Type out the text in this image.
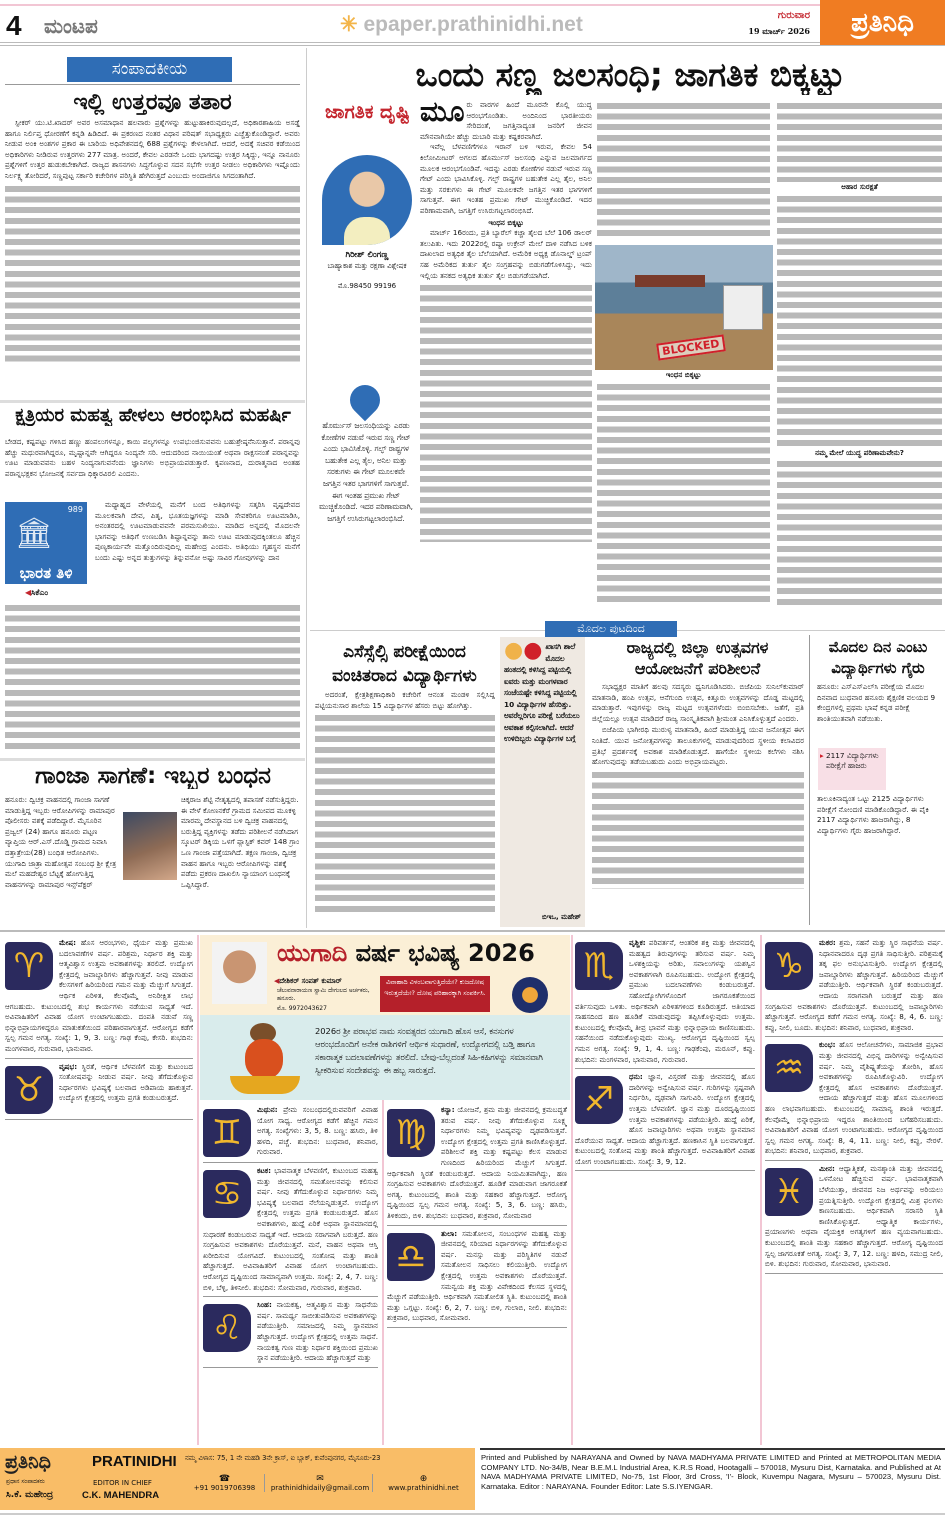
4 ಮಂಟಪ	✳ epaper.prathinidhi.net	ಗುರುವಾರ
19 ಮಾರ್ಚ್ 2026	ಪ್ರತಿನಿಧಿ
ಸಂಪಾದಕೀಯ
ಇಲ್ಲಿ ಉತ್ತರವೂ ತತಾರ

ಸ್ಪೀಕರ್ ಯು.ಟಿ.ಖಾದರ್ ಅವರ ಅಸಮಾಧಾನ ಹಲವಾರು ಪ್ರಶ್ನೆಗಳನ್ನು ಹುಟ್ಟುಹಾಕಿರುವುದಲ್ಲದೆ, ಅಧಿಕಾರಶಾಹಿಯ ಅಸಡ್ಡೆ ಹಾಗೂ ನಿರ್ಲಿಪ್ತ ಧೋರಣೆಗೆ ಕನ್ನಡಿ ಹಿಡಿದಿದೆ. ಈ ಪ್ರಕರಣದ ನಂತರ ವಿಧಾನ ಪರಿಷತ್ ಸಭಾಧ್ಯಕ್ಷರು ಎಚ್ಚೆತ್ತುಕೊಂಡಿದ್ದಾರೆ. ಅವರು ನೀಡುವ ಅಂಕಿ ಅಂಶಗಳ ಪ್ರಕಾರ ಈ ಬಾರಿಯ ಅಧಿವೇಶನದಲ್ಲಿ 688 ಪ್ರಶ್ನೆಗಳನ್ನು ಕೇಳಲಾಗಿದೆ. ಆದರೆ, ಅದಕ್ಕೆ ಸಚಿವರ ಕಡೆಯಿಂದ ಅಧಿಕಾರಿಗಳು ನೀಡಿರುವ ಉತ್ತರಗಳು 277 ಮಾತ್ರ. ಅಂದರೆ, ಕೇವಲ ಎರಡನೇ ಒಂದು ಭಾಗದಷ್ಟು ಉತ್ತರ ಸಿಕ್ಕಿದ್ದು, ಇನ್ನೂ ನಾನೂರು ಪ್ರಶ್ನೆಗಳಿಗೆ ಉತ್ತರ ಹುಡುಕಬೇಕಾಗಿದೆ. ರಾಜ್ಯದ ಶಾಸನಗಳು ಸಿದ್ಧಗೊಳ್ಳುವ ಸದನ ಸಭೆಗೇ ಉತ್ತರ ನೀಡಲು ಅಧಿಕಾರಿಗಳು ಇಷ್ಟೊಂದು ನಿರ್ಲಕ್ಷ್ಯ ತೋರಿದರೆ, ಸಣ್ಣಪುಟ್ಟ ಸರ್ಕಾರಿ ಕಚೇರಿಗಳ ಪರಿಸ್ಥಿತಿ ಹೇಗಿರುತ್ತದೆ ಎಂಬುದು ಅಂದಾಜಿಗೂ ಸಿಗದಂತಾಗಿದೆ.

ಕ್ಷತ್ರಿಯರ ಮಹತ್ವ ಹೇಳಲು ಆರಂಭಿಸಿದ ಮಹರ್ಷಿ
ಬೇಡದ, ಕಷ್ಟಪಟ್ಟು ಗಳಿಸಿದ ಹಣ್ಣು ಹಂಪಲುಗಳನ್ನೂ, ಕಾಯಿ ಪಲ್ಯಗಳನ್ನೂ ಉಪಭುಂಜಿಸುವವನು ಬಹುಶ್ರೇಷ್ಠನೆನಿಸುತ್ತಾನೆ. ಪರಾನ್ನವು ಹೆಚ್ಚು ಮಧುರವಾಗಿದ್ದರೂ, ಮೃಷ್ಟಾನ್ನವೇ ಆಗಿದ್ದರೂ ನಿಂದ್ಯವೇ ಸರಿ. ಆದುದರಿಂದ ನಾಯಿಯಂತೆ ಅಥವಾ ರಾಕ್ಷಸನಂತೆ ಪರಾನ್ನವನ್ನು ಊಟ ಮಾಡುವವನು ಬಹಳ ನಿಂದ್ಯನಾಗುವನೆಂದು ಜ್ಞಾನಿಗಳು ಅಭಿಪ್ರಾಯಪಡುತ್ತಾರೆ. ಕೃಪಣನಾದ, ದುರಾತ್ಮನಾದ ಅಂತಹ ಪರಾನ್ನಭಕ್ಷಕನ ಭೋಜನಕ್ಕೆ ಸರ್ವದಾ ಧಿಕ್ಕಾರವಿರಲಿ ಎಂದನು.
989
🏛
ಭಾರತ ತಿಳಿ
◀ಸಿಕೆಎಂ

ಮಧ್ಯಾಹ್ನದ ವೇಳೆಯಲ್ಲಿ ಮನೆಗೆ ಬಂದ ಅತಿಥಿಗಳನ್ನು ಸತ್ಕರಿಸಿ ವೃಷ್ಟದೇವದ ಮೂಲಕವಾಗಿ ದೇವ, ಪಿತೃ, ಭೂತಯಜ್ಞಗಳನ್ನು ಮಾಡಿ ಸೇವಕರಿಗೂ ಊಟಮಾಡಿಸಿ, ಅನಂತರದಲ್ಲಿ ಊಟಮಾಡುವವನೇ ಪರಮಸುಖಿಯು. ಮಾಡಿದ ಅನ್ನದಲ್ಲಿ ಮೊದಲನೇ ಭಾಗವನ್ನು ಅತಿಥಿಗೆ ಉಣಬಡಿಸಿ ಶಿಷ್ಟಾನ್ನವನ್ನು ತಾನು ಊಟ ಮಾಡುವುದಕ್ಕಿಂತಲೂ ಹೆಚ್ಚಿನ ಪುಣ್ಯಕಾರ್ಯವೇ ಮತ್ತೊಂದಿರುವುದಿಲ್ಲ ಮಹೇಂದ್ರ ಎಂದನು. ಅತಿಥಿಯು ಗೃಹಸ್ಥನ ಮನೆಗೆ ಬಂದು ಎಷ್ಟು ಅನ್ನದ ತುತ್ತುಗಳನ್ನು ತಿನ್ನುವನೋ ಅಷ್ಟು ಸಾವಿರ ಗೋವುಗಳನ್ನು ದಾನ

ಗಾಂಜಾ ಸಾಗಣೆ: ಇಬ್ಬರ ಬಂಧನ
ಹನೂರು: ದ್ವಿಚಕ್ರ ವಾಹನದಲ್ಲಿ ಗಾಂಜಾ ಸಾಗಣೆ ಮಾಡುತ್ತಿದ್ದ ಇಬ್ಬರು ಆರೋಪಿಗಳನ್ನು ರಾಮಾಪುರ ಪೊಲೀಸರು ವಶಕ್ಕೆ ಪಡೆದಿದ್ದಾರೆ. ಮೈಸೂರಿನ ಪ್ರಜ್ವಲ್ (24) ಹಾಗೂ ಹನೂರು ಪಟ್ಟಣ ವ್ಯಾಪ್ತಿಯ ಆರ್.ಎಸ್.ದೊಡ್ಡಿ ಗ್ರಾಮದ ನಿವಾಸಿ ದತ್ತಾತ್ರೇಯ(28) ಬಂಧಿತ ಆರೋಪಿಗಳು. ಯುಗಾದಿ ಜಾತ್ರಾ ಮಹೋತ್ಸವ ಸಂಬಂಧ ಶ್ರೀ ಕ್ಷೇತ್ರ ಮಲೆ ಮಹದೇಶ್ವರ ಬೆಟ್ಟಕ್ಕೆ ಹೋಗುತ್ತಿದ್ದ ವಾಹನಗಳನ್ನು ರಾಮಾಪುರ ಇನ್ಸ್‌ಪೆಕ್ಟರ್
ಚಿಕ್ಕರಾಜ ಶೆಟ್ಟಿ ನೇತೃತ್ವದಲ್ಲಿ ತಪಾಸಣೆ ನಡೆಸುತ್ತಿದ್ದರು. ಈ ವೇಳೆ ಕೋಣನಕೆರೆ ಗ್ರಾಮದ ಸಮೀಪದ ಮೂಕಳ್ಳಿ ಮಾರಮ್ಮ ದೇವಸ್ಥಾನದ ಬಳಿ ದ್ವಿಚಕ್ರ ವಾಹನದಲ್ಲಿ ಬರುತ್ತಿದ್ದ ವ್ಯಕ್ತಿಗಳನ್ನು ತಡೆದು ಪರಿಶೀಲನೆ ನಡೆಸಿದಾಗ ಸ್ಕೂಟರ್ ಡಿಕ್ಕಿಯ ಒಳಗೆ ಪ್ಲಾಸ್ಟಿಕ್ ಕವರ್ 148 ಗ್ರಾಂ ಒಣ ಗಾಂಜಾ ಪತ್ತೆಯಾಗಿದೆ. ತಕ್ಷಣ ಗಾಂಜಾ, ದ್ವಿಚಕ್ರ ವಾಹನ ಹಾಗೂ ಇಬ್ಬರು ಆರೋಪಿಗಳನ್ನು ವಶಕ್ಕೆ ಪಡೆದು ಪ್ರಕರಣ ದಾಖಲಿಸಿ ನ್ಯಾಯಾಂಗ ಬಂಧನಕ್ಕೆ ಒಪ್ಪಿಸಿದ್ದಾರೆ.
ಒಂದು ಸಣ್ಣ ಜಲಸಂಧಿ; ಜಾಗತಿಕ ಬಿಕ್ಕಟ್ಟು
ಜಾಗತಿಕ ದೃಷ್ಟಿ
ಗಿರೀಶ್ ಲಿಂಗಣ್ಣ
ಬಾಹ್ಯಾಕಾಶ ಮತ್ತು ರಕ್ಷಣಾ ವಿಶ್ಲೇಷಕ
ಮೊ.98450 99196
ಹೊರ್ಮುಸ್ ಜಲಸಂಧಿಯನ್ನು ಎರಡು ಕೋಣೆಗಳ ನಡುವೆ ಇರುವ ಸಣ್ಣ ಗೇಟ್ ಎಂದು ಭಾವಿಸಿಕೊಳ್ಳಿ. ಗಲ್ಫ್ ರಾಷ್ಟ್ರಗಳ ಬಹುತೇಕ ಎಲ್ಲ ತೈಲ, ಅನಿಲ ಮತ್ತು ಸರಕುಗಳು ಈ ಗೇಟ್ ಮೂಲಕವೇ ಜಗತ್ತಿನ ಇತರ ಭಾಗಗಳಿಗೆ ಸಾಗುತ್ತವೆ. ಈಗ ಇಂತಹ ಪ್ರಮುಖ ಗೇಟ್ ಮುಚ್ಚಿಕೊಂಡಿದೆ. ಇದರ ಪರಿಣಾಮವಾಗಿ, ಜಗತ್ತಿಗೆ ಉಸಿರುಗಟ್ಟಲಾರಂಭಿಸಿದೆ.
ಮೂ ರು ವಾರಗಳ ಹಿಂದೆ ಮೂರನೇ ಕೊಲ್ಲಿ ಯುದ್ಧ ಆರಂಭಗೊಂಡಿತು. ಅಂದಿನಿಂದ ಭಾರತೀಯರು ಸೇರಿದಂತೆ, ಜಗತ್ತಿನಾದ್ಯಂತ ಜನರಿಗೆ ಜೀವನ ಮೌನವಾಗಿಯೇ ಹೆಚ್ಚು ದುಬಾರಿ ಮತ್ತು ಕಷ್ಟಕರವಾಗಿದೆ.

ಇವೆಲ್ಲ ಬೆಳವಣಿಗೆಗಳೂ ಇರಾನ್ ಬಳಿ ಇರುವ, ಕೇವಲ 54 ಕಿಲೋಮೀಟರ್ ಅಗಲದ ಹೊರ್ಮುಸ್ ಜಲಸಂಧಿ ಎನ್ನುವ ಜಲಮಾರ್ಗದ ಮೂಲಕ ಆರಂಭಗೊಂಡಿವೆ. ಇದನ್ನು ಎರಡು ಕೋಣೆಗಳ ನಡುವೆ ಇರುವ ಸಣ್ಣ ಗೇಟ್ ಎಂದು ಭಾವಿಸಿಕೊಳ್ಳಿ. ಗಲ್ಫ್ ರಾಷ್ಟ್ರಗಳ ಬಹುತೇಕ ಎಲ್ಲ ತೈಲ, ಅನಿಲ ಮತ್ತು ಸರಕುಗಳು ಈ ಗೇಟ್ ಮೂಲಕವೇ ಜಗತ್ತಿನ ಇತರ ಭಾಗಗಳಿಗೆ ಸಾಗುತ್ತವೆ. ಈಗ ಇಂತಹ ಪ್ರಮುಖ ಗೇಟ್ ಮುಚ್ಚಿಕೊಂಡಿದೆ. ಇದರ ಪರಿಣಾಮವಾಗಿ, ಜಗತ್ತಿಗೆ ಉಸಿರುಗಟ್ಟಲಾರಂಭಿಸಿದೆ.

ಇಂಧನ ಬಿಕ್ಕಟ್ಟು

ಮಾರ್ಚ್ 16ರಂದು, ಪ್ರತಿ ಬ್ಯಾರೆಲ್ ಕಚ್ಚಾ ತೈಲದ ಬೆಲೆ 106 ಡಾಲರ್ ತಲುಪಿತು. ಇದು 2022ರಲ್ಲಿ ರಷ್ಯಾ ಉಕ್ರೇನ್ ಮೇಲೆ ದಾಳಿ ನಡೆಸಿದ ಬಳಿಕ ದಾಖಲಾದ ಅತ್ಯಧಿಕ ತೈಲ ಬೆಲೆಯಾಗಿದೆ. ಅಮೆರಿಕ ಅಧ್ಯಕ್ಷ ಡೊನಾಲ್ಡ್ ಟ್ರಂಪ್ ಸಹ ಅಮೆರಿಕದ ತುರ್ತು ತೈಲ ಸಂಗ್ರಹವನ್ನು ಬಿಡುಗಡೆಗೊಳಿಸಿದ್ದು, ಇದು ಇಲ್ಲಿಯ ತನಕದ ಅತ್ಯಧಿಕ ತುರ್ತು ತೈಲ ಬಿಡುಗಡೆಯಾಗಿದೆ.

BLOCKED
ಇಂಧನ ಬಿಕ್ಕಟ್ಟು
ಆಹಾರ ಸುರಕ್ಷತೆ
ನಮ್ಮ ಮೇಲೆ ಯುದ್ಧ ಪರಿಣಾಮವೇನು?
ಮೊದಲ ಪುಟದಿಂದ
ಎಸೆಸ್ಸೆಲ್ಸಿ ಪರೀಕ್ಷೆಯಿಂದ ವಂಚಿತರಾದ ವಿದ್ಯಾರ್ಥಿಗಳು

ಅದರಂತೆ, ಕ್ಷೇತ್ರಶಿಕ್ಷಣಾಧಿಕಾರಿ ಕಚೇರಿಗೆ ಆನಂತ ಮಂಡಳಿ ಸಲ್ಲಿಸಿದ್ದ ಪಟ್ಟಿಯನುಸಾರ ಶಾಲೆಯ 15 ವಿದ್ಯಾರ್ಥಿಗಳ ಹೆಸರು ಬಿಟ್ಟು ಹೋಗಿತ್ತು.

●● ಖಾಸಗಿ ಶಾಲೆ ಮೊದಲ ಹಂತದಲ್ಲಿ ಕಳಿಸಿದ್ದ ಪಟ್ಟಿಯಲ್ಲಿ ಐವರು ಮತ್ತು ಮಂಗಳವಾರ ಸಂಜೆಯಷ್ಟೇ ಕಳಿಸಿದ್ದ ಪಟ್ಟಿಯಲ್ಲಿ 10 ವಿದ್ಯಾರ್ಥಿಗಳ ಹೆಸರಿತ್ತು. ಅವರೆಲ್ಲರಿಗೂ ಪರೀಕ್ಷೆ ಬರೆಯಲು ಅವಕಾಶ ಕಲ್ಪಿಸಲಾಗಿದೆ. ಆದರೆ ಉಳಿದಿಬ್ಬರು ವಿದ್ಯಾರ್ಥಿಗಳ ಬಗ್ಗೆ
ಬಿಇಒ, ಮಹೇಶ್
ರಾಜ್ಯದಲ್ಲಿ ಜಿಲ್ಲಾ ಉತ್ಸವಗಳ ಆಯೋಜನೆಗೆ ಪರಿಶೀಲನೆ

ಸಭಾಧ್ಯಕ್ಷರ ಮಾತಿಗೆ ಹಲವು ಸದಸ್ಯರು ಧ್ವನಿಗೂಡಿಸಿದರು. ಬಿಜೆಪಿಯ ಸುನಿಲ್‌ಕುಮಾರ್ ಮಾತನಾಡಿ, ಹಂಪಿ ಉತ್ಸವ, ಆನೆಗುಂದಿ ಉತ್ಸವ, ಕಿತ್ತೂರು ಉತ್ಸವಗಳನ್ನು ದೊಡ್ಡ ಮಟ್ಟದಲ್ಲಿ ಮಾಡುತ್ತಾರೆ. ಇವುಗಳನ್ನು ರಾಜ್ಯ ಮಟ್ಟದ ಉತ್ಸವಗಳೆಂದು ಬಿಂಬಿಸಬೇಕು. ಜತೆಗೆ, ಪ್ರತಿ ಜಿಲ್ಲೆಯಲ್ಲೂ ಉತ್ಸವ ಮಾಡಿದರೆ ರಾಜ್ಯ ಸಾಂಸ್ಕೃತಿಕವಾಗಿ ಶ್ರೀಮಂತ ಎನಿಸಿಕೊಳ್ಳುತ್ತದೆ ಎಂದರು.

ಬಿಜೆಪಿಯ ಭಾಗೀರಥಿ ಮುರುಳ್ಯ ಮಾತನಾಡಿ, ಹಿಂದೆ ಮಾಡುತ್ತಿದ್ದ ಯುವ ಜನೋತ್ಸವ ಈಗ ನಿಂತಿದೆ. ಯುವ ಜನೋತ್ಸವಗಳನ್ನು ತಾಲೂಕುಗಳಲ್ಲಿ ಮಾಡುವುದರಿಂದ ಸ್ಥಳೀಯ ಕಲಾವಿದರ ಪ್ರತಿಭೆ ಪ್ರದರ್ಶನಕ್ಕೆ ಅವಕಾಶ ಮಾಡಿಕೊಡುತ್ತದೆ. ಹಾಗೆಯೇ ಸ್ಥಳೀಯ ಕಲೆಗಳು ನಶಿಸಿ ಹೋಗುವುದನ್ನು ತಡೆಯಬಹುದು ಎಂದು ಅಭಿಪ್ರಾಯಪಟ್ಟರು.

ಮೊದಲ ದಿನ ಎಂಟು ವಿದ್ಯಾರ್ಥಿಗಳು ಗೈರು
ಹನೂರು: ಎಸ್‌ಎಸ್‌ಎಲ್‌ಸಿ ಪರೀಕ್ಷೆಯ ಮೊದಲ ದಿನವಾದ ಬುಧವಾರ ಹನೂರು ಶೈಕ್ಷಣಿಕ ವಲಯದ 9 ಕೇಂದ್ರಗಳಲ್ಲಿ ಪ್ರಥಮ ಭಾಷೆ ಕನ್ನಡ ಪರೀಕ್ಷೆ ಶಾಂತಿಯುತವಾಗಿ ನಡೆಯಿತು.
▸ 2117 ವಿದ್ಯಾರ್ಥಿಗಳು ಪರೀಕ್ಷೆಗೆ ಹಾಜರು
ತಾಲೂಕಿನಾದ್ಯಂತ ಒಟ್ಟು 2125 ವಿದ್ಯಾರ್ಥಿಗಳು ಪರೀಕ್ಷೆಗೆ ನೋಂದಣಿ ಮಾಡಿಕೊಂಡಿದ್ದಾರೆ. ಈ ಪೈಕಿ 2117 ವಿದ್ಯಾರ್ಥಿಗಳು ಹಾಜರಾಗಿದ್ದು, 8 ವಿದ್ಯಾರ್ಥಿಗಳು ಗೈರು ಹಾಜರಾಗಿದ್ದಾರೆ.
ಯುಗಾದಿ ವರ್ಷ ಭವಿಷ್ಯ 2026
◀ದೇಶಿಕರ್ ಸಂಪತ್ ಕುಮಾರ್
ಚೆಲುವನಾರಾಯಣ ಸ್ವಾಮಿ ದೇಗುಲದ ಅರ್ಚಕರು, ಹನೂರು.
ಮೊ. 9972043627
ವಿವಾಹಾದಿ ವಿಳಂಬವಾಗುತ್ತಿದೆಯೇ? ಕುಜದೋಷ ಇರುತ್ತದೆಯೇ? ದೋಷ ಪರಿಹಾರಕ್ಕಾಗಿ ಸಂಪರ್ಕಿಸಿ.
2026ರ ಶ್ರೀ ಪರಾಭವ ನಾಮ ಸಂವತ್ಸರದ ಯುಗಾದಿ ಹೊಸ ಆಸೆ, ಕನಸುಗಳ ಆರಂಭದೊಂದಿಗೆ ಅನೇಕ ರಾಶಿಗಳಿಗೆ ಆರ್ಥಿಕ ಸುಧಾರಣೆ, ಉದ್ಯೋಗದಲ್ಲಿ ಬಡ್ತಿ ಹಾಗೂ ಸಕಾರಾತ್ಮಕ ಬದಲಾವಣೆಗಳನ್ನು ತರಲಿದೆ. ಬೇವು-ಬೆಲ್ಲದಂತೆ ಸಿಹಿ-ಕಹಿಗಳನ್ನು ಸಮಾನವಾಗಿ ಸ್ವೀಕರಿಸುವ ಸಂದೇಶವನ್ನು ಈ ಹಬ್ಬ ಸಾರುತ್ತದೆ.
♈
ಮೇಷ: ಹೊಸ ಆರಂಭಗಳು, ಧೈರ್ಯ ಮತ್ತು ಪ್ರಮುಖ ಬದಲಾವಣೆಗಳ ವರ್ಷ. ಪರಿಶ್ರಮ, ನಿರ್ಧಾರ ಶಕ್ತಿ ಮತ್ತು ಆತ್ಮವಿಶ್ವಾಸ ಉತ್ತಮ ಅವಕಾಶಗಳನ್ನು ತರಲಿದೆ. ಉದ್ಯೋಗ ಕ್ಷೇತ್ರದಲ್ಲಿ ಜವಾಬ್ದಾರಿಗಳು ಹೆಚ್ಚಾಗುತ್ತವೆ. ನೀವು ಮಾಡುವ ಕೆಲಸಗಳಿಗೆ ಹಿರಿಯರಿಂದ ಗಮನ ಮತ್ತು ಮೆಚ್ಚುಗೆ ಸಿಗುತ್ತದೆ. ಆರ್ಥಿಕ ಏರಿಳಿತ, ಕೆಲವೊಮ್ಮೆ ಅನಿರೀಕ್ಷಿತ ಲಾಭ ಆಗಬಹುದು. ಕುಟುಂಬದಲ್ಲಿ ಶುಭ ಕಾರ್ಯಗಳು ನಡೆಯುವ ಸಾಧ್ಯತೆ ಇದೆ. ಅವಿವಾಹಿತರಿಗೆ ವಿವಾಹ ಯೋಗ ಉಂಟಾಗಬಹುದು. ದಂಪತಿ ನಡುವೆ ಸಣ್ಣ ಭಿನ್ನಾಭಿಪ್ರಾಯಗಳಿದ್ದರೂ ಮಾತುಕತೆಯಿಂದ ಪರಿಹಾರವಾಗುತ್ತವೆ. ಆರೋಗ್ಯದ ಕಡೆಗೆ ಸ್ವಲ್ಪ ಗಮನ ಅಗತ್ಯ. ಸಂಖ್ಯೆ: 1, 9, 3. ಬಣ್ಣ: ಗಾಢ ಕೆಂಪು, ಕೇಸರಿ. ಶುಭದಿನ: ಮಂಗಳವಾರ, ಗುರುವಾರ, ಭಾನುವಾರ.
♉
ವೃಷಭ: ಸ್ಥಿರತೆ, ಆರ್ಥಿಕ ಬೆಳವಣಿಗೆ ಮತ್ತು ಕುಟುಂಬದ ಸಂತೋಷವನ್ನು ನೀಡುವ ವರ್ಷ. ನೀವು ತೆಗೆದುಕೊಳ್ಳುವ ನಿರ್ಧಾರಗಳು ಭವಿಷ್ಯಕ್ಕೆ ಬಲವಾದ ಅಡಿಪಾಯ ಹಾಕುತ್ತವೆ. ಉದ್ಯೋಗ ಕ್ಷೇತ್ರದಲ್ಲಿ ಉತ್ತಮ ಪ್ರಗತಿ ಕಂಡುಬರುತ್ತದೆ.
♊
ಮಿಥುನ: ಪ್ರೇಮ ಸಂಬಂಧದಲ್ಲಿರುವವರಿಗೆ ವಿವಾಹ ಯೋಗ ಸಾಧ್ಯ. ಆರೋಗ್ಯದ ಕಡೆಗೆ ಹೆಚ್ಚಿನ ಗಮನ ಅಗತ್ಯ. ಸಂಖ್ಯೆಗಳು: 3, 5, 8. ಬಣ್ಣ: ಹಸಿರು, ತಿಳಿ ಹಳದಿ, ಪಚ್ಚೆ. ಶುಭದಿನ: ಬುಧವಾರ, ಶನಿವಾರ, ಗುರುವಾರ.
♋
ಕಟಕ: ಭಾವನಾತ್ಮಕ ಬೆಳವಣಿಗೆ, ಕುಟುಂಬದ ಮಹತ್ವ ಮತ್ತು ಜೀವನದಲ್ಲಿ ಸಮತೋಲನವನ್ನು ಕಲಿಸುವ ವರ್ಷ. ನೀವು ತೆಗೆದುಕೊಳ್ಳುವ ನಿರ್ಧಾರಗಳು ನಿಮ್ಮ ಭವಿಷ್ಯಕ್ಕೆ ಬಲವಾದ ನೆಲೆಯನ್ನಿಡುತ್ತವೆ. ಉದ್ಯೋಗ ಕ್ಷೇತ್ರದಲ್ಲಿ ಉತ್ತಮ ಪ್ರಗತಿ ಕಂಡುಬರುತ್ತದೆ. ಹೊಸ ಅವಕಾಶಗಳು, ಹುದ್ದೆ ಏರಿಕೆ ಅಥವಾ ಸ್ಥಾನಮಾನದಲ್ಲಿ ಸುಧಾರಣೆ ಕಂಡುಬರುವ ಸಾಧ್ಯತೆ ಇದೆ. ಆದಾಯ ಸರಾಗವಾಗಿ ಬರುತ್ತದೆ. ಹಣ ಸಂಗ್ರಹಿಸುವ ಅವಕಾಶಗಳು ದೊರೆಯುತ್ತವೆ. ಮನೆ, ವಾಹನ ಅಥವಾ ಆಸ್ತಿ ಖರೀದಿಸುವ ಯೋಗವಿದೆ. ಕುಟುಂಬದಲ್ಲಿ ಸಂತೋಷ ಮತ್ತು ಶಾಂತಿ ಹೆಚ್ಚಾಗುತ್ತದೆ. ಅವಿವಾಹಿತರಿಗೆ ವಿವಾಹ ಯೋಗ ಉಂಟಾಗಬಹುದು. ಆರೋಗ್ಯದ ದೃಷ್ಟಿಯಿಂದ ಸಾಮಾನ್ಯವಾಗಿ ಉತ್ತಮ. ಸಂಖ್ಯೆ: 2, 4, 7. ಬಣ್ಣ: ಬಿಳಿ, ಬೆಳ್ಳಿ, ತಿಳಿನೀಲಿ. ಶುಭದಿನ: ಸೋಮವಾರ, ಗುರುವಾರ, ಶುಕ್ರವಾರ.
♌
ಸಿಂಹ: ನಾಯಕತ್ವ, ಆತ್ಮವಿಶ್ವಾಸ ಮತ್ತು ಸಾಧನೆಯ ವರ್ಷ. ಸಾಮರ್ಥ್ಯ ಸಾಬೀತುಪಡಿಸುವ ಅವಕಾಶಗಳನ್ನು ಪಡೆಯುತ್ತೀರಿ. ಸಮಾಜದಲ್ಲಿ ನಿಮ್ಮ ಸ್ಥಾನಮಾನ ಹೆಚ್ಚಾಗುತ್ತದೆ. ಉದ್ಯೋಗ ಕ್ಷೇತ್ರದಲ್ಲಿ ಉತ್ತಮ ಸಾಧನೆ. ನಾಯಕತ್ವ ಗುಣ ಮತ್ತು ನಿರ್ಧಾರ ಶಕ್ತಿಯಿಂದ ಪ್ರಮುಖ ಸ್ಥಾನ ಪಡೆಯುತ್ತೀರಿ. ಆದಾಯ ಹೆಚ್ಚಾಗುತ್ತದೆ ಮತ್ತು
♍
ಕನ್ಯಾ: ಯೋಜನೆ, ಶ್ರಮ ಮತ್ತು ಜೀವನದಲ್ಲಿ ಕ್ರಮಬದ್ಧತೆ ತರುವ ವರ್ಷ. ನೀವು ತೆಗೆದುಕೊಳ್ಳುವ ಸೂಕ್ಷ್ಮ ನಿರ್ಧಾರಗಳು ನಿಮ್ಮ ಭವಿಷ್ಯವನ್ನು ದೃಢಪಡಿಸುತ್ತವೆ. ಉದ್ಯೋಗ ಕ್ಷೇತ್ರದಲ್ಲಿ ಉತ್ತಮ ಪ್ರಗತಿ ಕಾಣಿಸಿಕೊಳ್ಳುತ್ತದೆ. ಪರಿಶೀಲನೆ ಶಕ್ತಿ ಮತ್ತು ಕಷ್ಟಪಟ್ಟು ಕೆಲಸ ಮಾಡುವ ಗುಣದಿಂದ ಹಿರಿಯರಿಂದ ಮೆಚ್ಚುಗೆ ಸಿಗುತ್ತದೆ. ಆರ್ಥಿಕವಾಗಿ ಸ್ಥಿರತೆ ಕಂಡುಬರುತ್ತದೆ. ಆದಾಯ ನಿಯಮಿತವಾಗಿದ್ದು, ಹಣ ಸಂಗ್ರಹಿಸುವ ಅವಕಾಶಗಳು ದೊರೆಯುತ್ತವೆ. ಹೂಡಿಕೆ ಮಾಡುವಾಗ ಜಾಗರೂಕತೆ ಅಗತ್ಯ. ಕುಟುಂಬದಲ್ಲಿ ಶಾಂತಿ ಮತ್ತು ಸಹಕಾರ ಹೆಚ್ಚಾಗುತ್ತದೆ. ಆರೋಗ್ಯ ದೃಷ್ಟಿಯಿಂದ ಸ್ವಲ್ಪ ಗಮನ ಅಗತ್ಯ. ಸಂಖ್ಯೆ: 5, 3, 6. ಬಣ್ಣ: ಹಸಿರು, ತಿಳಿಕಂದು, ಬಿಳಿ. ಶುಭದಿನ: ಬುಧವಾರ, ಶುಕ್ರವಾರ, ಸೋಮವಾರ
♎
ತುಲಾ: ಸಮತೋಲನ, ಸಂಬಂಧಗಳ ಮಹತ್ವ ಮತ್ತು ಜೀವನದಲ್ಲಿ ಸರಿಯಾದ ನಿರ್ಧಾರಗಳನ್ನು ತೆಗೆದುಕೊಳ್ಳುವ ವರ್ಷ. ಮನಸ್ಸು ಮತ್ತು ಪರಿಸ್ಥಿತಿಗಳ ನಡುವೆ ಸಮತೋಲನ ಸಾಧಿಸಲು ಕಲಿಯುತ್ತೀರಿ. ಉದ್ಯೋಗ ಕ್ಷೇತ್ರದಲ್ಲಿ ಉತ್ತಮ ಅವಕಾಶಗಳು ದೊರೆಯುತ್ತವೆ. ಸಮನ್ವಯ ಶಕ್ತಿ ಮತ್ತು ವಿವೇಕದಿಂದ ಕೆಲಸದ ಸ್ಥಳದಲ್ಲಿ ಮೆಚ್ಚುಗೆ ಪಡೆಯುತ್ತೀರಿ. ಆರ್ಥಿಕವಾಗಿ ಸಮತೋಲಿತ ಸ್ಥಿತಿ. ಕುಟುಂಬದಲ್ಲಿ ಶಾಂತಿ ಮತ್ತು ಒಗ್ಗಟ್ಟು. ಸಂಖ್ಯೆ: 6, 2, 7. ಬಣ್ಣ: ಬಿಳಿ, ಗುಲಾಬಿ, ನೀಲಿ. ಶುಭದಿನ: ಶುಕ್ರವಾರ, ಬುಧವಾರ, ಸೋಮವಾರ.
♏
ವೃಶ್ಚಿಕ: ಪರಿವರ್ತನೆ, ಆಂತರಿಕ ಶಕ್ತಿ ಮತ್ತು ಜೀವನದಲ್ಲಿ ಮಹತ್ವದ ತಿರುವುಗಳನ್ನು ತರಿಸುವ ವರ್ಷ. ನಿಮ್ಮ ಒಳಶಕ್ತಿಯನ್ನು ಅರಿತು, ಸವಾಲುಗಳನ್ನು ಯಶಸ್ವಿನ ಅವಕಾಶಗಳಾಗಿ ರೂಪಿಸಬಹುದು. ಉದ್ಯೋಗ ಕ್ಷೇತ್ರದಲ್ಲಿ ಪ್ರಮುಖ ಬದಲಾವಣೆಗಳು ಕಂಡುಬರುತ್ತವೆ. ಸಹೋದ್ಯೋಗಿಗಳೊಂದಿಗೆ ಜಾಗರೂಕತೆಯಿಂದ ವರ್ತಿಸುವುದು ಒಳಿತು. ಅರ್ಥಿಕವಾಗಿ ಏರಿಳಿತಗಳಿಂದ ಕೂಡಿರುತ್ತದೆ. ಅತಿಯಾದ ಸಾಹಸದಿಂದ ಹಣ ಹೂಡಿಕೆ ಮಾಡುವುದನ್ನು ತಪ್ಪಿಸಿಕೊಳ್ಳುವುದು ಉತ್ತಮ. ಕುಟುಂಬದಲ್ಲಿ ಕೆಲವೊಮ್ಮೆ ತೀವ್ರ ಭಾವನೆ ಮತ್ತು ಭಿನ್ನಾಭಿಪ್ರಾಯ ಕಾಣಿಸಬಹುದು. ಸಹನೆಯಿಂದ ನಡೆದುಕೊಳ್ಳುವುದು ಮುಖ್ಯ. ಆರೋಗ್ಯದ ದೃಷ್ಟಿಯಿಂದ ಸ್ವಲ್ಪ ಗಮನ ಅಗತ್ಯ. ಸಂಖ್ಯೆ: 9, 1, 4. ಬಣ್ಣ: ಗಾಢಕೆಂಪು, ಮರೂನ್, ಕಪ್ಪು. ಶುಭದಿನ: ಮಂಗಳವಾರ, ಭಾನುವಾರ, ಗುರುವಾರ.
♐
ಧನು: ಜ್ಞಾನ, ವಿಸ್ತರಣೆ ಮತ್ತು ಜೀವನದಲ್ಲಿ ಹೊಸ ದಾರಿಗಳನ್ನು ಅನ್ವೇಷಿಸುವ ವರ್ಷ. ಗುರಿಗಳನ್ನು ಸ್ಪಷ್ಟವಾಗಿ ನಿರ್ಧರಿಸಿ, ದೃಢವಾಗಿ ಸಾಗುವಿರಿ. ಉದ್ಯೋಗ ಕ್ಷೇತ್ರದಲ್ಲಿ ಉತ್ತಮ ಬೆಳವಣಿಗೆ. ಜ್ಞಾನ ಮತ್ತು ದೂರದೃಷ್ಟಿಯಿಂದ ಉತ್ತಮ ಅವಕಾಶಗಳನ್ನು ಪಡೆಯುತ್ತೀರಿ. ಹುದ್ದೆ ಏರಿಕೆ, ಹೊಸ ಜವಾಬ್ದಾರಿಗಳು ಅಥವಾ ಉತ್ತಮ ಸ್ಥಾನಮಾನ ದೊರೆಯುವ ಸಾಧ್ಯತೆ. ಆದಾಯ ಹೆಚ್ಚಾಗುತ್ತದೆ. ಹಣಕಾಸಿನ ಸ್ಥಿತಿ ಬಲವಾಗುತ್ತದೆ. ಕುಟುಂಬದಲ್ಲಿ ಸಂತೋಷ ಮತ್ತು ಶಾಂತಿ ಹೆಚ್ಚಾಗುತ್ತದೆ. ಅವಿವಾಹಿತರಿಗೆ ವಿವಾಹ ಯೋಗ ಉಂಟಾಗಬಹುದು. ಸಂಖ್ಯೆ: 3, 9, 12.
♑
ಮಕರ: ಶ್ರಮ, ಸಹನೆ ಮತ್ತು ಸ್ಥಿರ ಸಾಧನೆಯ ವರ್ಷ. ನಿಧಾನವಾದರೂ ದೃಢ ಪ್ರಗತಿ ಸಾಧಿಸುತ್ತೀರಿ. ಪರಿಶ್ರಮಕ್ಕೆ ತಕ್ಕ ಫಲ ಅನುಭವಿಸುತ್ತೀರಿ. ಉದ್ಯೋಗ ಕ್ಷೇತ್ರದಲ್ಲಿ ಜವಾಬ್ದಾರಿಗಳು ಹೆಚ್ಚಾಗುತ್ತವೆ. ಹಿರಿಯರಿಂದ ಮೆಚ್ಚುಗೆ ಪಡೆಯುತ್ತೀರಿ. ಆರ್ಥಿಕವಾಗಿ ಸ್ಥಿರತೆ ಕಂಡುಬರುತ್ತದೆ. ಆದಾಯ ಸರಾಗವಾಗಿ ಬರುತ್ತದೆ ಮತ್ತು ಹಣ ಸಂಗ್ರಹಿಸುವ ಅವಕಾಶಗಳು ದೊರೆಯುತ್ತವೆ. ಕುಟುಂಬದಲ್ಲಿ ಜವಾಬ್ದಾರಿಗಳು ಹೆಚ್ಚಾಗುತ್ತವೆ. ಆರೋಗ್ಯದ ಕಡೆಗೆ ಗಮನ ಅಗತ್ಯ. ಸಂಖ್ಯೆ: 8, 4, 6. ಬಣ್ಣ: ಕಪ್ಪು, ನೀಲಿ, ಬೂದು. ಶುಭದಿನ: ಶನಿವಾರ, ಬುಧವಾರ, ಶುಕ್ರವಾರ.
♒
ಕುಂಭ: ಹೊಸ ಆಲೋಚನೆಗಳು, ಸಾಮಾಜಿಕ ಪ್ರಭಾವ ಮತ್ತು ಜೀವನದಲ್ಲಿ ವಿಭಿನ್ನ ದಾರಿಗಳನ್ನು ಅನ್ವೇಷಿಸುವ ವರ್ಷ. ನಿಮ್ಮ ವೈಶಿಷ್ಟ್ಯತೆಯನ್ನು ತೋರಿಸಿ, ಹೊಸ ಅವಕಾಶಗಳನ್ನು ರೂಪಿಸಿಕೊಳ್ಳುವಿರಿ. ಉದ್ಯೋಗ ಕ್ಷೇತ್ರದಲ್ಲಿ ಹೊಸ ಅವಕಾಶಗಳು ದೊರೆಯುತ್ತವೆ. ಆದಾಯ ಹೆಚ್ಚಾಗುತ್ತದೆ ಮತ್ತು ಹೊಸ ಮೂಲಗಳಿಂದ ಹಣ ಲಾಭವಾಗಬಹುದು. ಕುಟುಂಬದಲ್ಲಿ ಸಾಮಾನ್ಯ ಶಾಂತಿ ಇರುತ್ತದೆ. ಕೆಲವೊಮ್ಮೆ ಭಿನ್ನಾಭಿಪ್ರಾಯ ಇದ್ದರೂ ಶಾಂತಿಯಿಂದ ಬಗೆಹರಿಸಬಹುದು. ಅವಿವಾಹಿತರಿಗೆ ವಿವಾಹ ಯೋಗ ಉಂಟಾಗಬಹುದು. ಆರೋಗ್ಯದ ದೃಷ್ಟಿಯಿಂದ ಸ್ವಲ್ಪ ಗಮನ ಅಗತ್ಯ. ಸಂಖ್ಯೆ: 8, 4, 11. ಬಣ್ಣ: ನೀಲಿ, ಕಪ್ಪು, ನೇರಳೆ. ಶುಭದಿನ: ಶನಿವಾರ, ಬುಧವಾರ, ಶುಕ್ರವಾರ.
♓
ಮೀನ: ಆಧ್ಯಾತ್ಮಿಕತೆ, ಮನಶ್ಶಾಂತಿ ಮತ್ತು ಜೀವನದಲ್ಲಿ ಒಳನೋಟ ಹೆಚ್ಚಿಸುವ ವರ್ಷ. ಭಾವನಾತ್ಮಕವಾಗಿ ಬೆಳೆಯುತ್ತಾ, ಜೀವನದ ನಿಜ ಅರ್ಥವನ್ನು ಅರಿಯಲು ಪ್ರಯತ್ನಿಸುತ್ತೀರಿ. ಉದ್ಯೋಗ ಕ್ಷೇತ್ರದಲ್ಲಿ ಮಿಶ್ರ ಫಲಗಳು ಕಾಣಸಬಹುದು. ಆರ್ಥಿಕವಾಗಿ ಸರಾಸರಿ ಸ್ಥಿತಿ ಕಾಣಿಸಿಕೊಳ್ಳುತ್ತದೆ. ಆಧ್ಯಾತ್ಮಿಕ ಕಾರ್ಯಗಳು, ಪ್ರಯಾಣಗಳು ಅಥವಾ ವೈಯಕ್ತಿಕ ಅಗತ್ಯಗಳಿಗೆ ಹಣ ವ್ಯಯವಾಗಬಹುದು. ಕುಟುಂಬದಲ್ಲಿ ಶಾಂತಿ ಮತ್ತು ಸಹಕಾರ ಹೆಚ್ಚಾಗುತ್ತದೆ. ಆರೋಗ್ಯ ದೃಷ್ಟಿಯಿಂದ ಸ್ವಲ್ಪ ಜಾಗರೂಕತೆ ಅಗತ್ಯ. ಸಂಖ್ಯೆ: 3, 7, 12. ಬಣ್ಣ: ಹಳದಿ, ಸಮುದ್ರ ನೀಲಿ, ಬಿಳಿ. ಶುಭದಿನ: ಗುರುವಾರ, ಸೋಮವಾರ, ಭಾನುವಾರ.
ಪ್ರತಿನಿಧಿ	PRATINIDHI
ಪ್ರಧಾನ ಸಂಪಾದಕರು
ಸಿ.ಕೆ. ಮಹೇಂದ್ರ
EDITOR IN CHIEF
C.K. MAHENDRA
ನಮ್ಮ ವಿಳಾಸ: 75, 1 ನೇ ಮಹಡಿ 3ನೇ ಕ್ರಾಸ್, ಐ ಬ್ಲಾಕ್, ಕುವೆಂಪುನಗರ, ಮೈಸೂರು-23
☎
+91 9019706398
✉
prathinidhidaily@gmail.com
⊕
www.prathinidhi.net
Printed and Published by NARAYANA and Owned by NAVA MADHYAMA PRIVATE LIMITED and Printed at METROPOLITAN MEDIA COMPANY LTD. No-34/B, Near B.E.M.L Industrial Area, K.R.S Road, Hootagalli – 570018, Mysuru Dist, Karnataka. and Published at At NAVA MADHYAMA PRIVATE LIMITED, No-75, 1st Floor, 3rd Cross, 'I'- Block, Kuvempu Nagara, Mysuru – 570023, Mysuru Dist. Karnataka. Editor : NARAYANA. Founder Editor: Late S.S.IYENGAR.
